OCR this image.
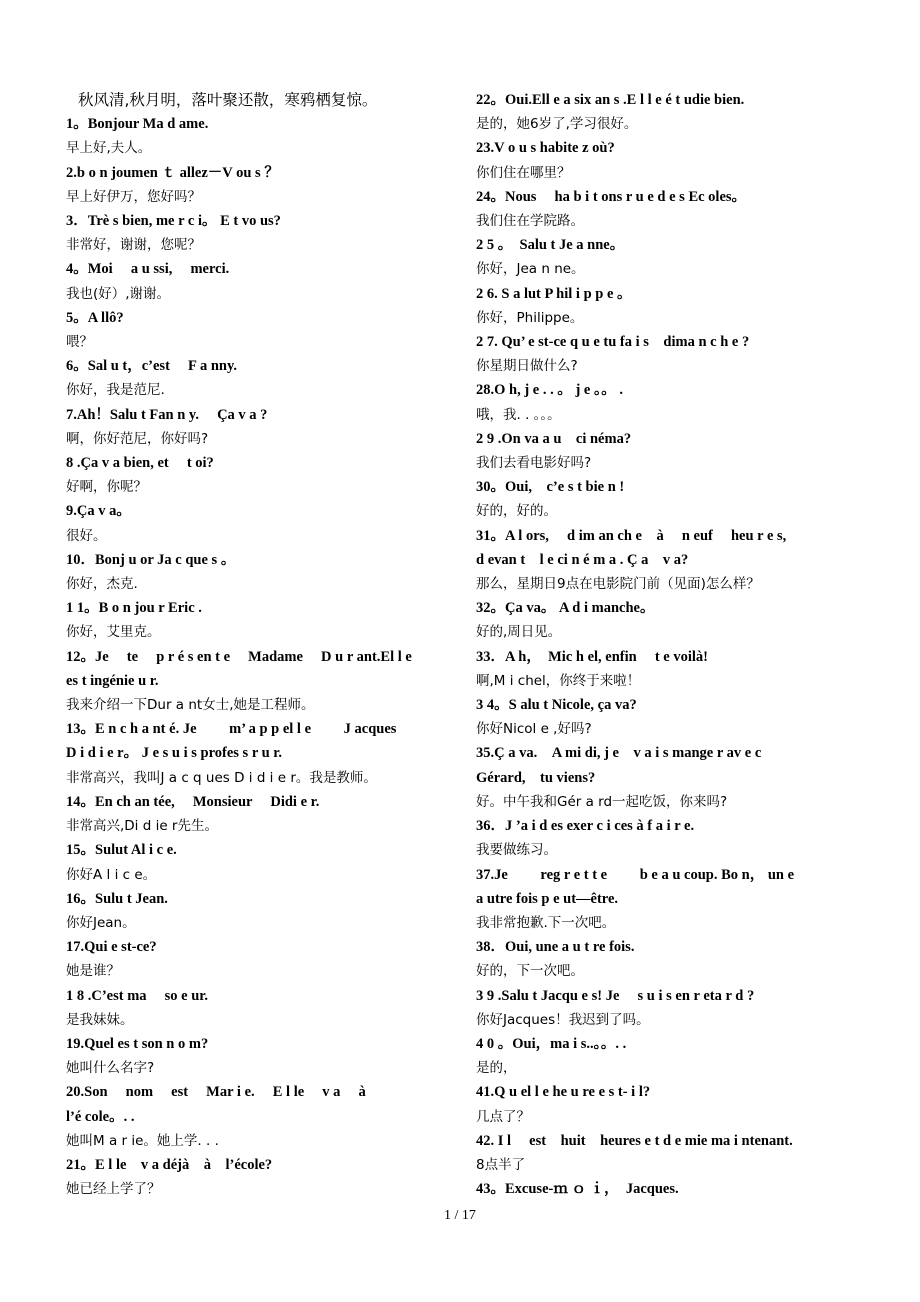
秋风清,秋月明，落叶聚还散，寒鸦栖复惊。
1。Bonjour Ma d ame.
早上好,夫人。
2.b o n joumen ｔ allez－V ou s ？
早上好伊万，您好吗？
3．Trè s bien, me r c i。 E t vo us?
非常好，谢谢，您呢？
4。Moi　 a u ssi,　 merci.
我也(好）,谢谢。
5。A llô?
喂？
6。Sal u t，c’est　 F a nny.
你好，我是范尼.
7.Ah！Salu t Fan n y.　 Ça v a ?
啊，你好范尼，你好吗?
8 .Ça v a bien, et　 t oi?
好啊，你呢？
9.Ça v a。
很好。
10．Bonj u or Ja c que s 。
你好，杰克.
1 1。B o n jou r Eric .
你好，艾里克。
12。Je　 te　 p r é s en t e　 Madame　 D u r ant.El l e
es t ingénie u r.
我来介绍一下Dur a nt女士,她是工程师。
13。E n c h a nt é. Je　　 m’ a p p el l e　　 J acques
D i d i e r。 J e s u i s profes s r u r.
非常高兴，我叫J a c q ues D i d i e r。我是教师。
14。En ch an tée,　 Monsieur　 Didi e r.
非常高兴,Di d ie r先生。
15。Sulut Al i c e.
你好A l i c e。
16。Sulu t Jean.
你好Jean。
17.Qui e st-ce?
她是谁？
1 8 .C’est ma　 so e ur.
是我妹妹。
19.Quel es t son n o m?
她叫什么名字?
20.Son　 nom　 est　 Mar i e.　 E l le　 v a　 à
l’é cole。. .
她叫M a r ie。她上学. . .
21。E l le　v a déjà　à　l’école?
她已经上学了？
22。Oui.Ell e a six an s .E l l e é t udie bien.
是的，她6岁了,学习很好。
23.V o u s habite z où?
你们住在哪里？
24。Nous　 ha b i t ons r u e d e s Ec oles。
我们住在学院路。
2 5 。　Salu t Je a nne。
你好，Jea n ne。
2 6. S a lut P hil i p p e 。
你好，Philippe。
2 7. Qu’ e st-ce q u e tu fa i s　dima n c h e ?
你星期日做什么?
28.O h, j e . . 。 j e 。。 .
哦，我. . 。。。
2 9 .On va a u　ci néma?
我们去看电影好吗?
30。Oui,　c’e s t bie n !
好的，好的。
31。A l ors,　 d im an ch e　à　 n euf　 heu r e s,
d evan t　l e ci n é m a . Ç a　v a?
那么，星期日9点在电影院门前（见面)怎么样？
32。Ça va。 A d i manche。
好的,周日见。
33．A h，　Mic h el, enfin　 t e voilà!
啊,M i chel，你终于来啦！
3 4。S alu t Nicole, ça va?
你好Nicol e ,好吗?
35.Ç a va.　A mi di, j e　v a i s mange r av e c
Gérard,　tu viens?
好。中午我和Gér a rd一起吃饭，你来吗?
36．J ’a i d es exer c i ces à f a i r e.
我要做练习。
37.Je　　 reg r e t t e　　 b e a u coup. Bo n， un e
a utre fois p e ut—être.
我非常抱歉.下一次吧。
38．Oui, une a u t re fois.
好的，下一次吧。
3 9 .Salu t Jacqu e s! Je　 s u i s en r eta r d ?
你好Jacques！我迟到了吗。
4 0 。Oui，ma i s..。。. .
是的，
41.Q u el l e he u re e s t- i l?
几点了？
42. I l　 est　huit　heures e t d e mie ma i ntenant.
8点半了
43。Excuse-ｍ ｏ ｉ，　Jacques.
1 / 17
